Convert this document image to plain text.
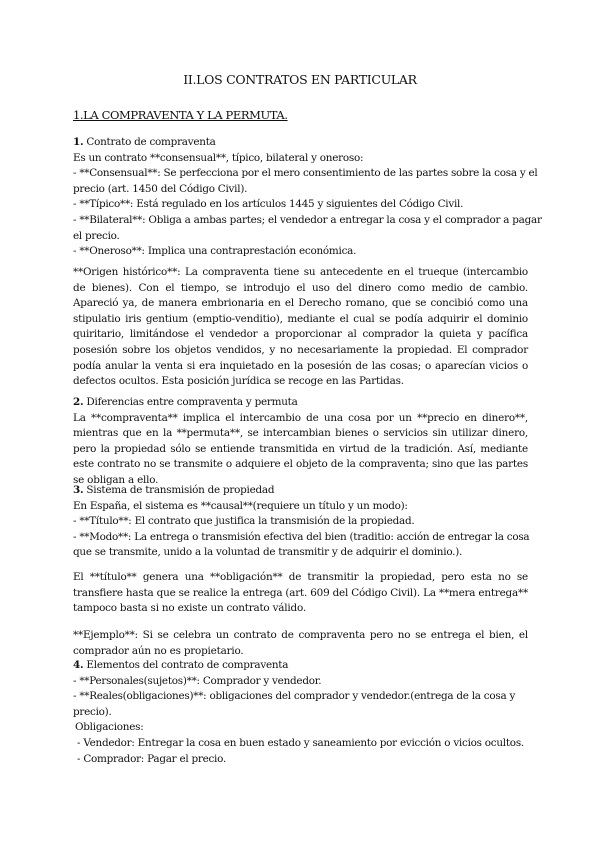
II.LOS CONTRATOS EN PARTICULAR
1.LA COMPRAVENTA Y LA PERMUTA.
1. Contrato de compraventa
Es un contrato **consensual**, típico, bilateral y oneroso:
- **Consensual**: Se perfecciona por el mero consentimiento de las partes sobre la cosa y el
precio (art. 1450 del Código Civil).
- **Típico**: Está regulado en los artículos 1445 y siguientes del Código Civil.
- **Bilateral**: Obliga a ambas partes; el vendedor a entregar la cosa y el comprador a pagar
el precio.
- **Oneroso**: Implica una contraprestación económica.
**Origen histórico**: La compraventa tiene su antecedente en el trueque (intercambio de bienes). Con el tiempo, se introdujo el uso del dinero como medio de cambio. Apareció ya, de manera embrionaria en el Derecho romano, que se concibió como una stipulatio iris gentium (emptio-venditio), mediante el cual se podía adquirir el dominio quiritario, limitándose el vendedor a proporcionar al comprador la quieta y pacífica posesión sobre los objetos vendidos, y no necesariamente la propiedad. El comprador podía anular la venta si era inquietado en la posesión de las cosas; o aparecían vicios o defectos ocultos. Esta posición jurídica se recoge en las Partidas.
2. Diferencias entre compraventa y permuta
La **compraventa** implica el intercambio de una cosa por un **precio en dinero**, mientras que en la **permuta**, se intercambian bienes o servicios sin utilizar dinero, pero la propiedad sólo se entiende transmitida en virtud de la tradición. Así, mediante este contrato no se transmite o adquiere el objeto de la compraventa; sino que las partes se obligan a ello.
3. Sistema de transmisión de propiedad
En España, el sistema es **causal**(requiere un título y un modo):
- **Título**: El contrato que justifica la transmisión de la propiedad.
- **Modo**: La entrega o transmisión efectiva del bien (traditio: acción de entregar la cosa
que se transmite, unido a la voluntad de transmitir y de adquirir el dominio.).
El **título** genera una **obligación** de transmitir la propiedad, pero esta no se transfiere hasta que se realice la entrega (art. 609 del Código Civil). La **mera entrega** tampoco basta si no existe un contrato válido.
**Ejemplo**: Si se celebra un contrato de compraventa pero no se entrega el bien, el comprador aún no es propietario.
4. Elementos del contrato de compraventa
- **Personales(sujetos)**: Comprador y vendedor.
- **Reales(obligaciones)**: obligaciones del comprador y vendedor.(entrega de la cosa y
precio).
Obligaciones:
- Vendedor: Entregar la cosa en buen estado y saneamiento por evicción o vicios ocultos.
- Comprador: Pagar el precio.
